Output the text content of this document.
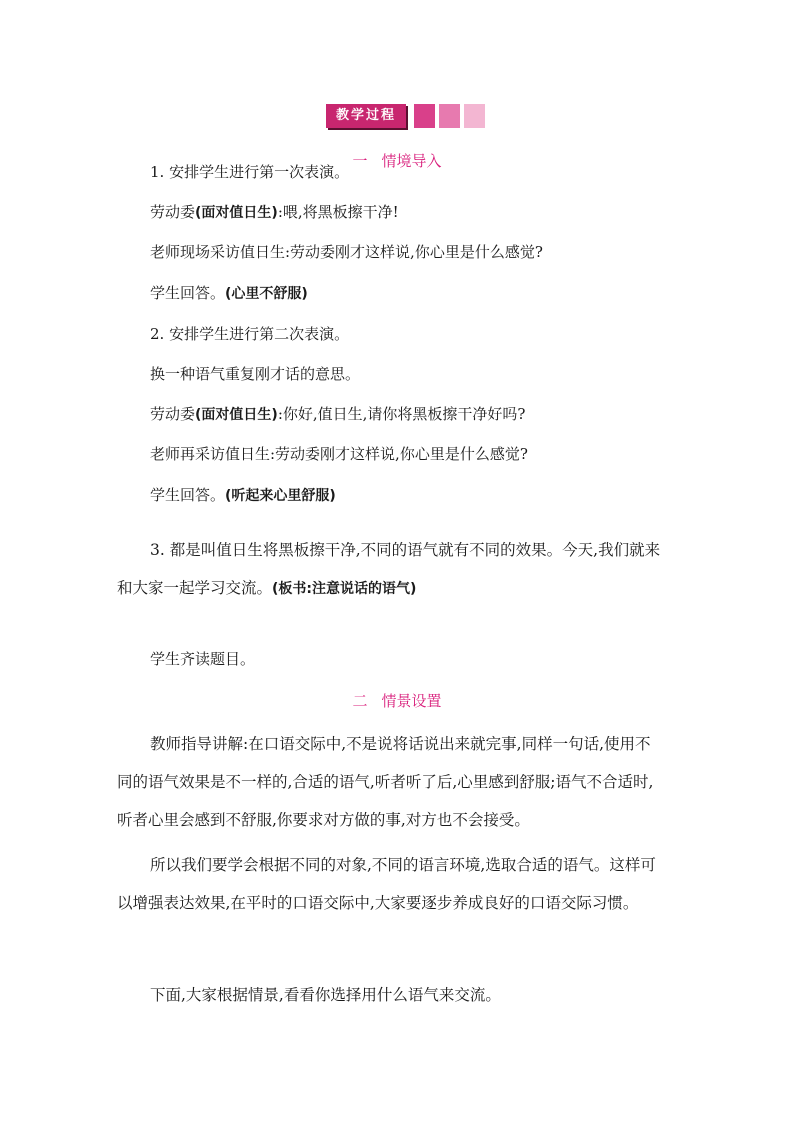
教学过程
一 情境导入
1. 安排学生进行第一次表演。
劳动委(面对值日生):喂,将黑板擦干净!
老师现场采访值日生:劳动委刚才这样说,你心里是什么感觉?
学生回答。(心里不舒服)
2. 安排学生进行第二次表演。
换一种语气重复刚才话的意思。
劳动委(面对值日生):你好,值日生,请你将黑板擦干净好吗?
老师再采访值日生:劳动委刚才这样说,你心里是什么感觉?
学生回答。(听起来心里舒服)
3. 都是叫值日生将黑板擦干净,不同的语气就有不同的效果。今天,我们就来
和大家一起学习交流。(板书:注意说话的语气)
学生齐读题目。
二 情景设置
教师指导讲解:在口语交际中,不是说将话说出来就完事,同样一句话,使用不
同的语气效果是不一样的,合适的语气,听者听了后,心里感到舒服;语气不合适时,
听者心里会感到不舒服,你要求对方做的事,对方也不会接受。
所以我们要学会根据不同的对象,不同的语言环境,选取合适的语气。这样可
以增强表达效果,在平时的口语交际中,大家要逐步养成良好的口语交际习惯。
下面,大家根据情景,看看你选择用什么语气来交流。
